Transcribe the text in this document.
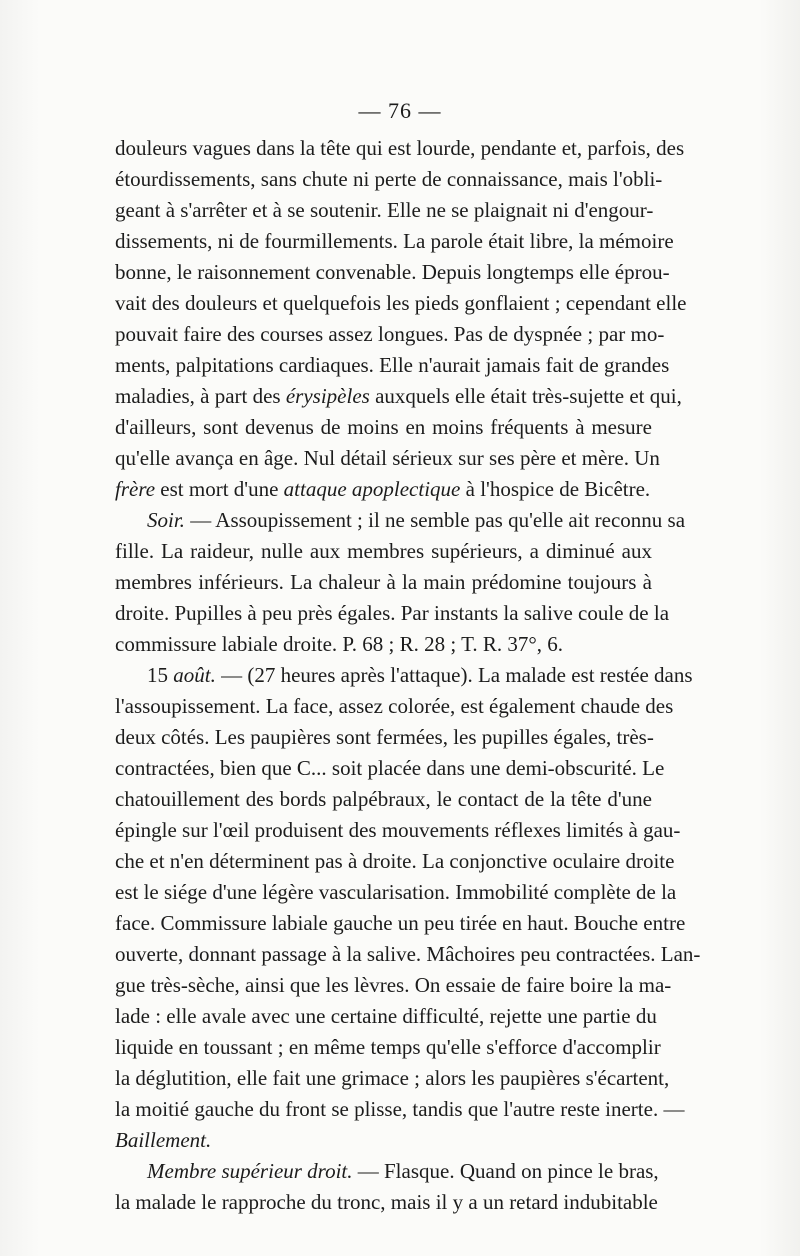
— 76 —
douleurs vagues dans la tête qui est lourde, pendante et, parfois, des
étourdissements, sans chute ni perte de connaissance, mais l'obli-
geant à s'arrêter et à se soutenir. Elle ne se plaignait ni d'engour-
dissements, ni de fourmillements. La parole était libre, la mémoire
bonne, le raisonnement convenable. Depuis longtemps elle éprou-
vait des douleurs et quelquefois les pieds gonflaient ; cependant elle
pouvait faire des courses assez longues. Pas de dyspnée ; par mo-
ments, palpitations cardiaques. Elle n'aurait jamais fait de grandes
maladies, à part des érysipèles auxquels elle était très-sujette et qui,
d'ailleurs, sont devenus de moins en moins fréquents à mesure
qu'elle avança en âge. Nul détail sérieux sur ses père et mère. Un
frère est mort d'une attaque apoplectique à l'hospice de Bicêtre.
Soir. — Assoupissement ; il ne semble pas qu'elle ait reconnu sa
fille. La raideur, nulle aux membres supérieurs, a diminué aux
membres inférieurs. La chaleur à la main prédomine toujours à
droite. Pupilles à peu près égales. Par instants la salive coule de la
commissure labiale droite. P. 68 ; R. 28 ; T. R. 37°, 6.
15 août. — (27 heures après l'attaque). La malade est restée dans
l'assoupissement. La face, assez colorée, est également chaude des
deux côtés. Les paupières sont fermées, les pupilles égales, très-
contractées, bien que C... soit placée dans une demi-obscurité. Le
chatouillement des bords palpébraux, le contact de la tête d'une
épingle sur l'œil produisent des mouvements réflexes limités à gau-
che et n'en déterminent pas à droite. La conjonctive oculaire droite
est le siége d'une légère vascularisation. Immobilité complète de la
face. Commissure labiale gauche un peu tirée en haut. Bouche entre
ouverte, donnant passage à la salive. Mâchoires peu contractées. Lan-
gue très-sèche, ainsi que les lèvres. On essaie de faire boire la ma-
lade : elle avale avec une certaine difficulté, rejette une partie du
liquide en toussant ; en même temps qu'elle s'efforce d'accomplir
la déglutition, elle fait une grimace ; alors les paupières s'écartent,
la moitié gauche du front se plisse, tandis que l'autre reste inerte. —
Baillement.
Membre supérieur droit. — Flasque. Quand on pince le bras,
la malade le rapproche du tronc, mais il y a un retard indubitable
